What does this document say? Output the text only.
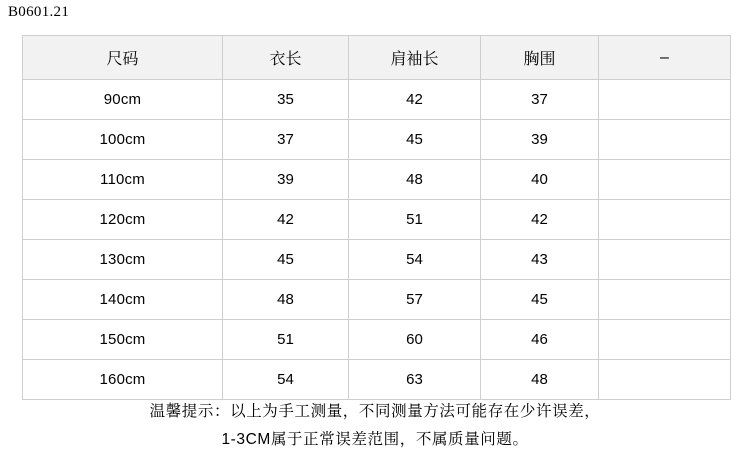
B0601.21
尺码	衣长	肩袖长	胸围	–
90cm	35	42	37	
100cm	37	45	39	
110cm	39	48	40	
120cm	42	51	42	
130cm	45	54	43	
140cm	48	57	45	
150cm	51	60	46	
160cm	54	63	48	
温馨提示：以上为手工测量，不同测量方法可能存在少许误差，
1-3CM属于正常误差范围，不属质量问题。
